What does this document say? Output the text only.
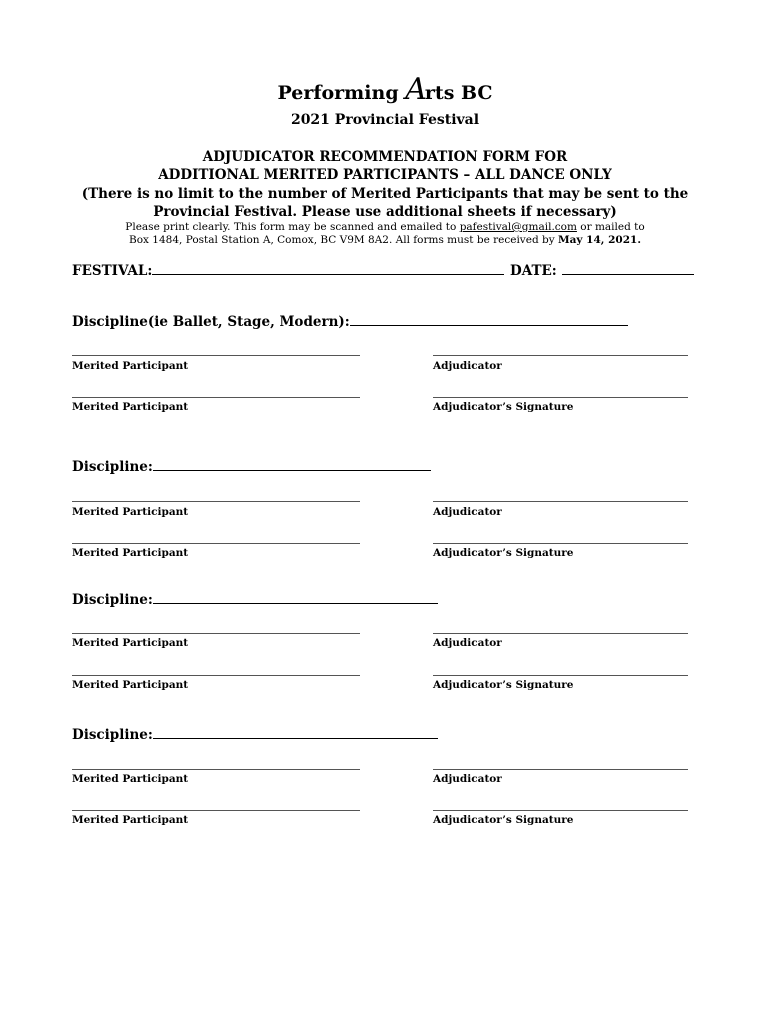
Performing Arts BC
2021 Provincial Festival
ADJUDICATOR RECOMMENDATION FORM FOR
ADDITIONAL MERITED PARTICIPANTS – ALL DANCE ONLY
(There is no limit to the number of Merited Participants that may be sent to the
Provincial Festival. Please use additional sheets if necessary)
Please print clearly. This form may be scanned and emailed to pafestival@gmail.com or mailed to
Box 1484, Postal Station A, Comox, BC V9M 8A2. All forms must be received by May 14, 2021.
FESTIVAL:	DATE:
Discipline(ie Ballet, Stage, Modern):
Merited Participant	Adjudicator
Merited Participant	Adjudicator’s Signature
Discipline:
Merited Participant	Adjudicator
Merited Participant	Adjudicator’s Signature
Discipline:
Merited Participant	Adjudicator
Merited Participant	Adjudicator’s Signature
Discipline:
Merited Participant	Adjudicator
Merited Participant	Adjudicator’s Signature
